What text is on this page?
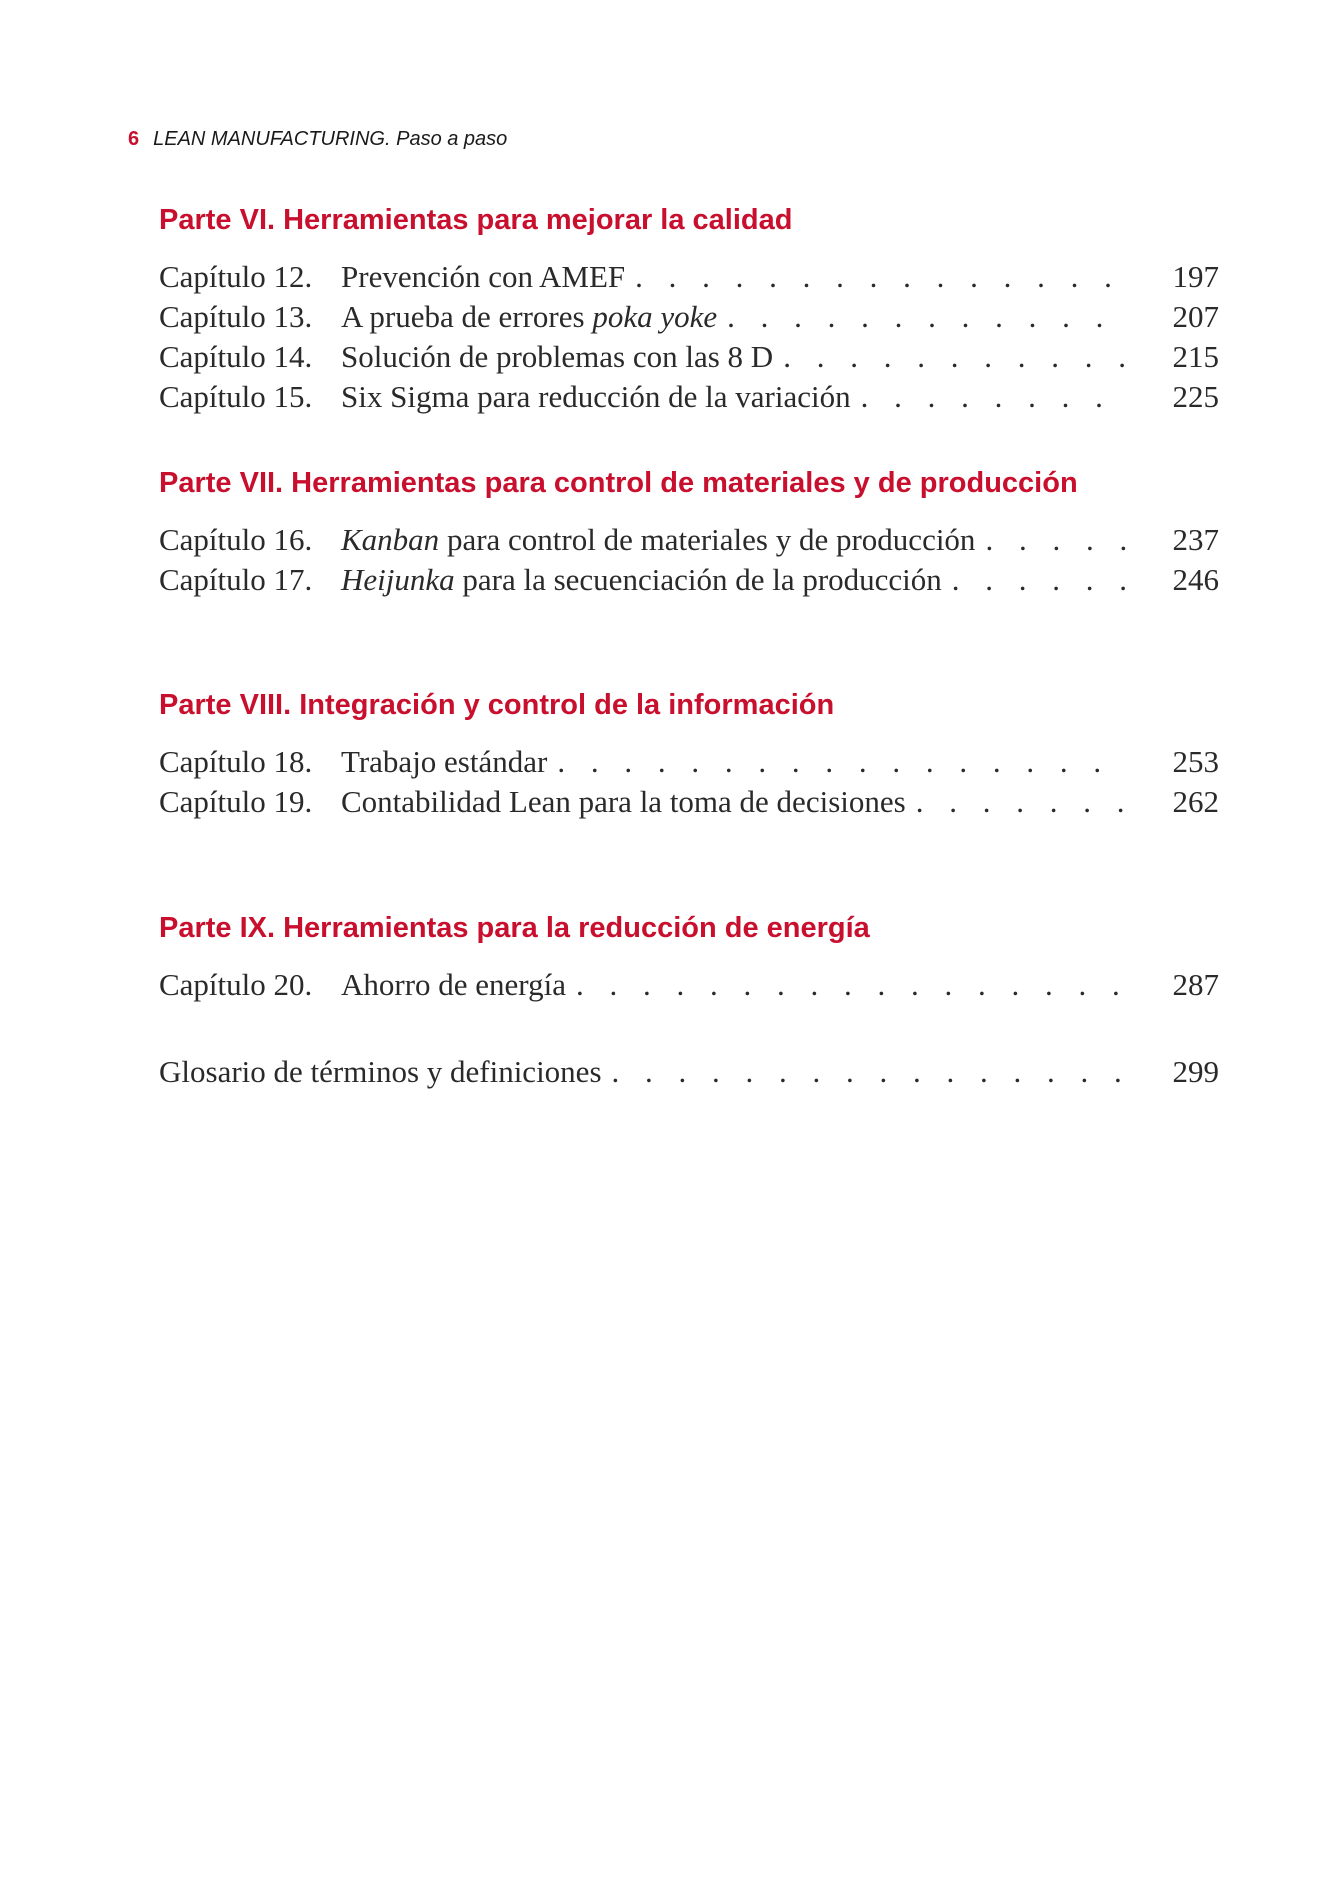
6 LEAN MANUFACTURING. Paso a paso
Parte VI. Herramientas para mejorar la calidad
Capítulo 12. Prevención con AMEF . . .	197
Capítulo 13. A prueba de errores poka yoke . . .	207
Capítulo 14. Solución de problemas con las 8 D . . .	215
Capítulo 15. Six Sigma para reducción de la variación . . .	225
Parte VII. Herramientas para control de materiales y de producción
Capítulo 16. Kanban para control de materiales y de producción . . .	237
Capítulo 17. Heijunka para la secuenciación de la producción . . .	246
Parte VIII. Integración y control de la información
Capítulo 18. Trabajo estándar . . .	253
Capítulo 19. Contabilidad Lean para la toma de decisiones . . .	262
Parte IX. Herramientas para la reducción de energía
Capítulo 20. Ahorro de energía . . .	287
Glosario de términos y definiciones . . .	299
